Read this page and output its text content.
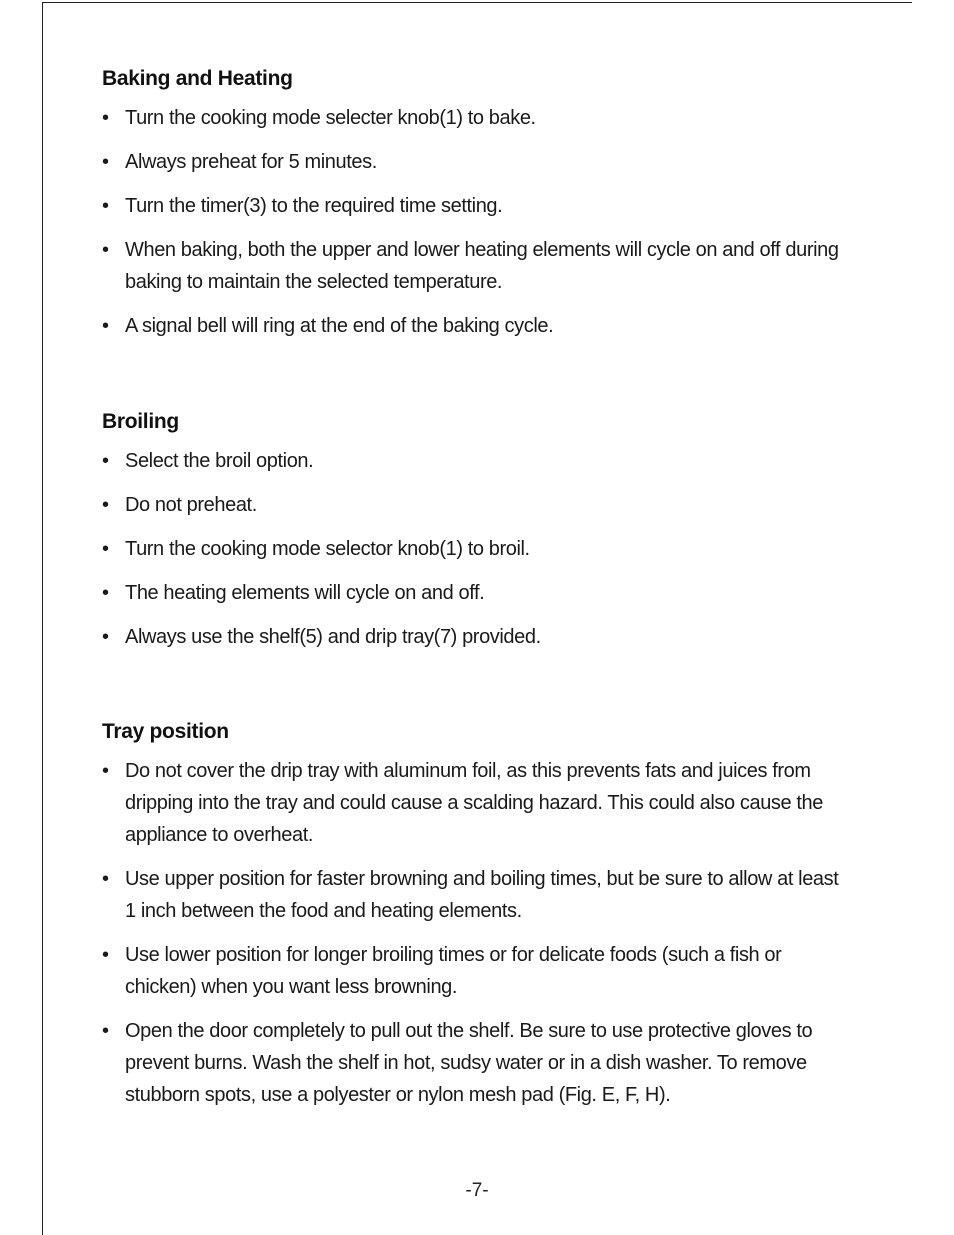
Baking and Heating
• Turn the cooking mode selecter knob(1) to bake.
• Always preheat for 5 minutes.
• Turn the timer(3) to the required time setting.
• When baking, both the upper and lower heating elements will cycle on and off during baking to maintain the selected temperature.
• A signal bell will ring at the end of the baking cycle.
Broiling
• Select the broil option.
• Do not preheat.
• Turn the cooking mode selector knob(1) to broil.
• The heating elements will cycle on and off.
• Always use the shelf(5) and drip tray(7) provided.
Tray position
• Do not cover the drip tray with aluminum foil, as this prevents fats and juices from dripping into the tray and could cause a scalding hazard. This could also cause the appliance to overheat.
• Use upper position for faster browning and boiling times, but be sure to allow at least 1 inch between the food and heating elements.
• Use lower position for longer broiling times or for delicate foods (such a fish or chicken) when you want less browning.
• Open the door completely to pull out the shelf. Be sure to use protective gloves to prevent burns. Wash the shelf in hot, sudsy water or in a dish washer. To remove stubborn spots, use a polyester or nylon mesh pad (Fig. E, F, H).
-7-
